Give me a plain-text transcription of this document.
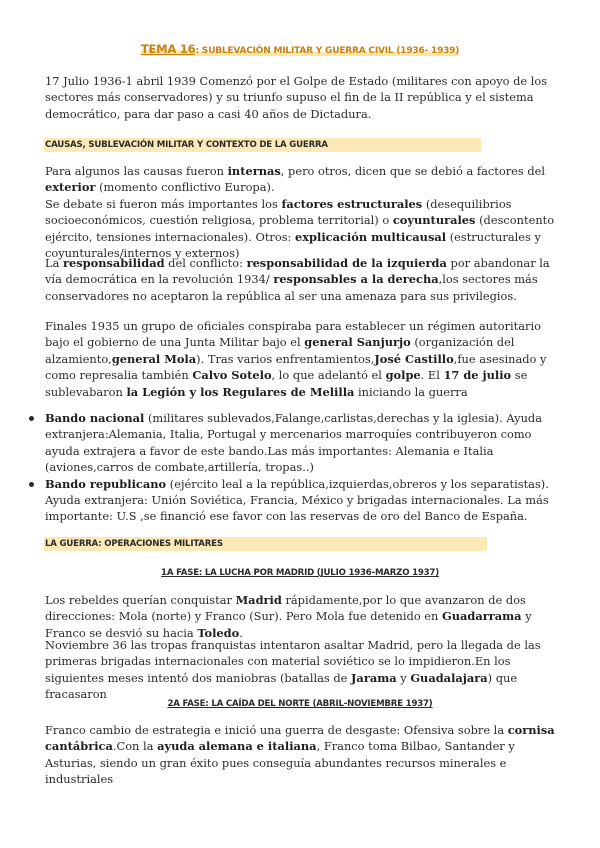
TEMA 16: SUBLEVACIÓN MILITAR Y GUERRA CIVIL (1936- 1939)

17 Julio 1936-1 abril 1939 Comenzó por el Golpe de Estado (militares con apoyo de los sectores más conservadores) y su triunfo supuso el fin de la II república y el sistema democrático, para dar paso a casi 40 años de Dictadura.

CAUSAS, SUBLEVACIÓN MILITAR Y CONTEXTO DE LA GUERRA

Para algunos las causas fueron internas, pero otros, dicen que se debió a factores del exterior (momento conflictivo Europa).
Se debate si fueron más importantes los factores estructurales (desequilibrios socioeconómicos, cuestión religiosa, problema territorial) o coyunturales (descontento ejército, tensiones internacionales). Otros: explicación multicausal (estructurales y coyunturales/internos y externos)

La responsabilidad del conflicto: responsabilidad de la izquierda por abandonar la vía democrática en la revolución 1934/ responsables a la derecha,los sectores más conservadores no aceptaron la república al ser una amenaza para sus privilegios.

Finales 1935 un grupo de oficiales conspiraba para establecer un régimen autoritario bajo el gobierno de una Junta Militar bajo el general Sanjurjo (organización del alzamiento,general Mola). Tras varios enfrentamientos,José Castillo,fue asesinado y como represalia también Calvo Sotelo, lo que adelantó el golpe. El 17 de julio se sublevabaron la Legión y los Regulares de Melilla iniciando la guerra

Bando nacional (militares sublevados,Falange,carlistas,derechas y la iglesia). Ayuda extranjera:Alemania, Italia, Portugal y mercenarios marroquíes contribuyeron como ayuda extrajera a favor de este bando.Las más importantes: Alemania e Italia (aviones,carros de combate,artillería, tropas..)
Bando republicano (ejército leal a la república,izquierdas,obreros y los separatistas). Ayuda extranjera: Unión Soviética, Francia, México y brigadas internacionales. La más importante: U.S ,se financió ese favor con las reservas de oro del Banco de España.
LA GUERRA: OPERACIONES MILITARES
1A FASE: LA LUCHA POR MADRID (JULIO 1936-MARZO 1937)

Los rebeldes querían conquistar Madrid rápidamente,por lo que avanzaron de dos direcciones: Mola (norte) y Franco (Sur). Pero Mola fue detenido en Guadarrama y Franco se desvió su hacia Toledo.

Noviembre 36 las tropas franquistas intentaron asaltar Madrid, pero la llegada de las primeras brigadas internacionales con material soviético se lo impidieron.En los siguientes meses intentó dos maniobras (batallas de Jarama y Guadalajara) que fracasaron

2A FASE: LA CAÍDA DEL NORTE (ABRIL-NOVIEMBRE 1937)

Franco cambio de estrategia e inició una guerra de desgaste: Ofensiva sobre la cornisa cantábrica.Con la ayuda alemana e italiana, Franco toma Bilbao, Santander y Asturias, siendo un gran éxito pues conseguía abundantes recursos minerales e industriales
